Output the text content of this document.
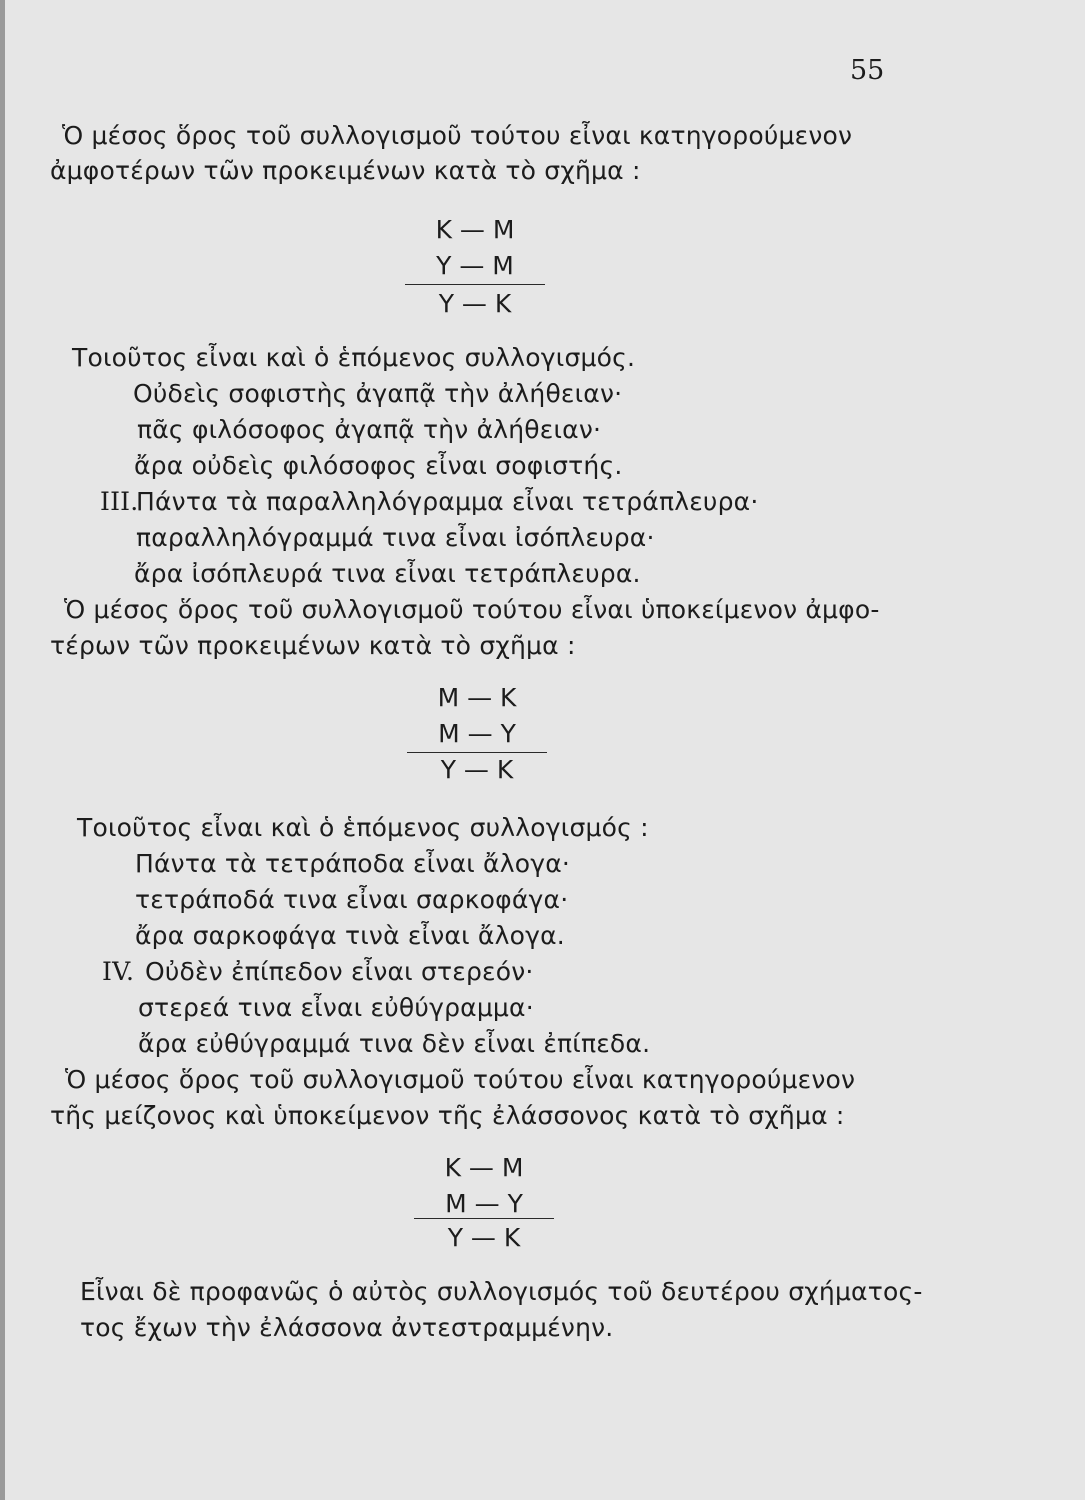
55
Ὁ μέσος ὅρος τοῦ συλλογισμοῦ τούτου εἶναι κατηγορούμενον
ἀμφοτέρων τῶν προκειμένων κατὰ τὸ σχῆμα :
Κ — Μ
Υ — Μ
Υ — Κ
Τοιοῦτος εἶναι καὶ ὁ ἑπόμενος συλλογισμός.
Οὐδεὶς σοφιστὴς ἀγαπᾷ τὴν ἀλήθειαν·
πᾶς φιλόσοφος ἀγαπᾷ τὴν ἀλήθειαν·
ἄρα οὐδεὶς φιλόσοφος εἶναι σοφιστής.
III.
Πάντα τὰ παραλληλόγραμμα εἶναι τετράπλευρα·
παραλληλόγραμμά τινα εἶναι ἰσόπλευρα·
ἄρα ἰσόπλευρά τινα εἶναι τετράπλευρα.
Ὁ μέσος ὅρος τοῦ συλλογισμοῦ τούτου εἶναι ὑποκείμενον ἀμφο-
τέρων τῶν προκειμένων κατὰ τὸ σχῆμα :
Μ — Κ
Μ — Υ
Υ — Κ
Τοιοῦτος εἶναι καὶ ὁ ἑπόμενος συλλογισμός :
Πάντα τὰ τετράποδα εἶναι ἄλογα·
τετράποδά τινα εἶναι σαρκοφάγα·
ἄρα σαρκοφάγα τινὰ εἶναι ἄλογα.
IV. Οὐδὲν ἐπίπεδον εἶναι στερεόν·
στερεά τινα εἶναι εὐθύγραμμα·
ἄρα εὐθύγραμμά τινα δὲν εἶναι ἐπίπεδα.
Ὁ μέσος ὅρος τοῦ συλλογισμοῦ τούτου εἶναι κατηγορούμενον
τῆς μείζονος καὶ ὑποκείμενον τῆς ἐλάσσονος κατὰ τὸ σχῆμα :
Κ — Μ
Μ — Υ
Υ — Κ
Εἶναι δὲ προφανῶς ὁ αὐτὸς συλλογισμός τοῦ δευτέρου σχήματος-
τος ἔχων τὴν ἐλάσσονα ἀντεστραμμένην.
